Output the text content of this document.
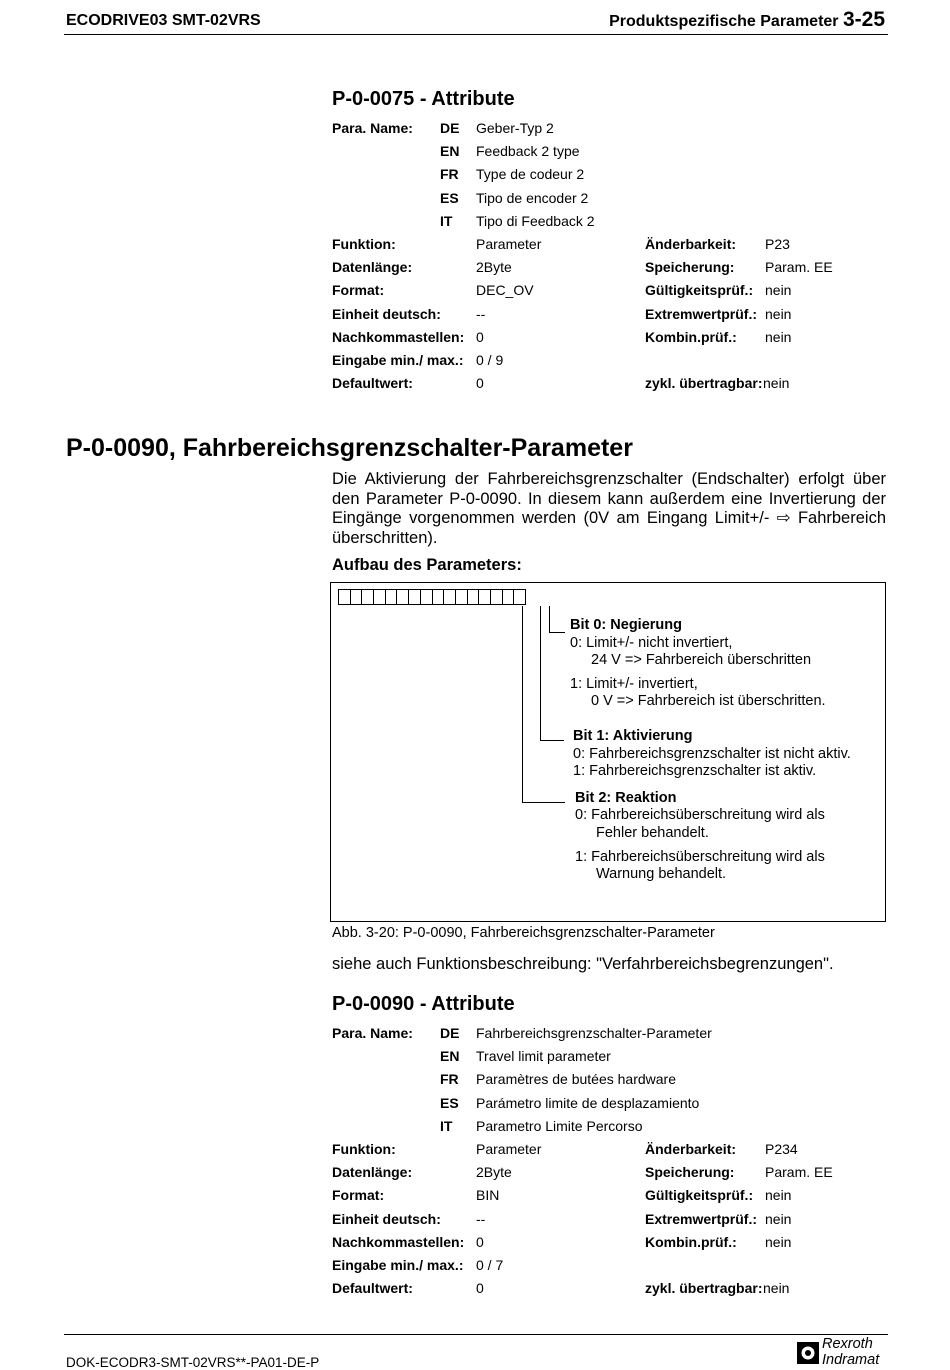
ECODRIVE03 SMT-02VRS	Produktspezifische Parameter 3-25
P-0-0075 - Attribute
Para. Name: DE Geber-Typ 2
EN Feedback 2 type
FR Type de codeur 2
ES Tipo de encoder 2
IT Tipo di Feedback 2
Funktion:	Parameter	Änderbarkeit: P23
Datenlänge:	2Byte	Speicherung: Param. EE
Format:	DEC_OV	Gültigkeitsprüf.: nein
Einheit deutsch:	--	Extremwertprüf.: nein
Nachkommastellen: 0	Kombin.prüf.: nein
Eingabe min./ max.: 0 / 9
Defaultwert:	0	zykl. übertragbar: nein
P-0-0090, Fahrbereichsgrenzschalter-Parameter

Die Aktivierung der Fahrbereichsgrenzschalter (Endschalter) erfolgt über den Parameter P-0-0090. In diesem kann außerdem eine Invertierung der Eingänge vorgenommen werden (0V am Eingang Limit+/- ⇨ Fahrbereich überschritten).

Aufbau des Parameters:
Bit 0: Negierung
0: Limit+/- nicht invertiert,
24 V => Fahrbereich überschritten
1: Limit+/- invertiert,
0 V => Fahrbereich ist überschritten.
Bit 1: Aktivierung
0: Fahrbereichsgrenzschalter ist nicht aktiv.
1: Fahrbereichsgrenzschalter ist aktiv.
Bit 2: Reaktion
0: Fahrbereichsüberschreitung wird als
Fehler behandelt.
1: Fahrbereichsüberschreitung wird als
Warnung behandelt.
Abb. 3-20: P-0-0090, Fahrbereichsgrenzschalter-Parameter
siehe auch Funktionsbeschreibung: "Verfahrbereichsbegrenzungen".
P-0-0090 - Attribute
Para. Name: DE Fahrbereichsgrenzschalter-Parameter
EN Travel limit parameter
FR Paramètres de butées hardware
ES Parámetro limite de desplazamiento
IT Parametro Limite Percorso
Funktion:	Parameter	Änderbarkeit: P234
Datenlänge:	2Byte	Speicherung: Param. EE
Format:	BIN	Gültigkeitsprüf.: nein
Einheit deutsch:	--	Extremwertprüf.: nein
Nachkommastellen: 0	Kombin.prüf.: nein
Eingabe min./ max.: 0 / 7
Defaultwert:	0	zykl. übertragbar: nein
DOK-ECODR3-SMT-02VRS**-PA01-DE-P
Rexroth
Indramat
